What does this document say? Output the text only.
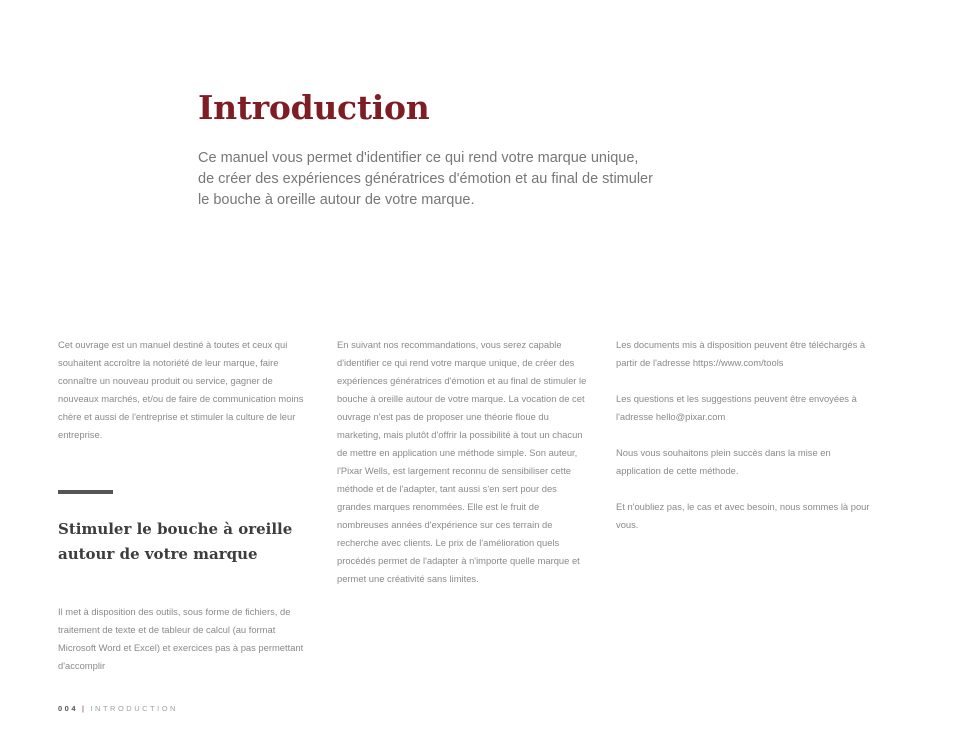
Introduction

Ce manuel vous permet d'identifier ce qui rend votre marque unique, de créer des expériences génératrices d'émotion et au final de stimuler le bouche à oreille autour de votre marque.

Cet ouvrage est un manuel destiné à toutes et ceux qui souhaitent accroître la notoriété de leur marque, faire connaître un nouveau produit ou service, gagner de nouveaux marchés, et/ou de faire de communication moins chère et aussi de l'entreprise et stimuler la culture de leur entreprise.

Stimuler le bouche à oreille autour de votre marque

Il met à disposition des outils, sous forme de fichiers, de traitement de texte et de tableur de calcul (au format Microsoft Word et Excel) et exercices pas à pas permettant d'accomplir

En suivant nos recommandations, vous serez capable d'identifier ce qui rend votre marque unique, de créer des expériences génératrices d'émotion et au final de stimuler le bouche à oreille autour de votre marque. La vocation de cet ouvrage n'est pas de proposer une théorie floue du marketing, mais plutôt d'offrir la possibilité à tout un chacun de mettre en application une méthode simple. Son auteur, l'Pixar Wells, est largement reconnu de sensibiliser cette méthode et de l'adapter, tant aussi s'en sert pour des grandes marques renommées. Elle est le fruit de nombreuses années d'expérience sur ces terrain de recherche avec clients. Le prix de l'amélioration quels procédés permet de l'adapter à n'importe quelle marque et permet une créativité sans limites.

Les documents mis à disposition peuvent être téléchargés à partir de l'adresse https://www.com/tools

Les questions et les suggestions peuvent être envoyées à l'adresse hello@pixar.com

Nous vous souhaitons plein succès dans la mise en application de cette méthode.

Et n'oubliez pas, le cas et avec besoin, nous sommes là pour vous.

004 | INTRODUCTION
